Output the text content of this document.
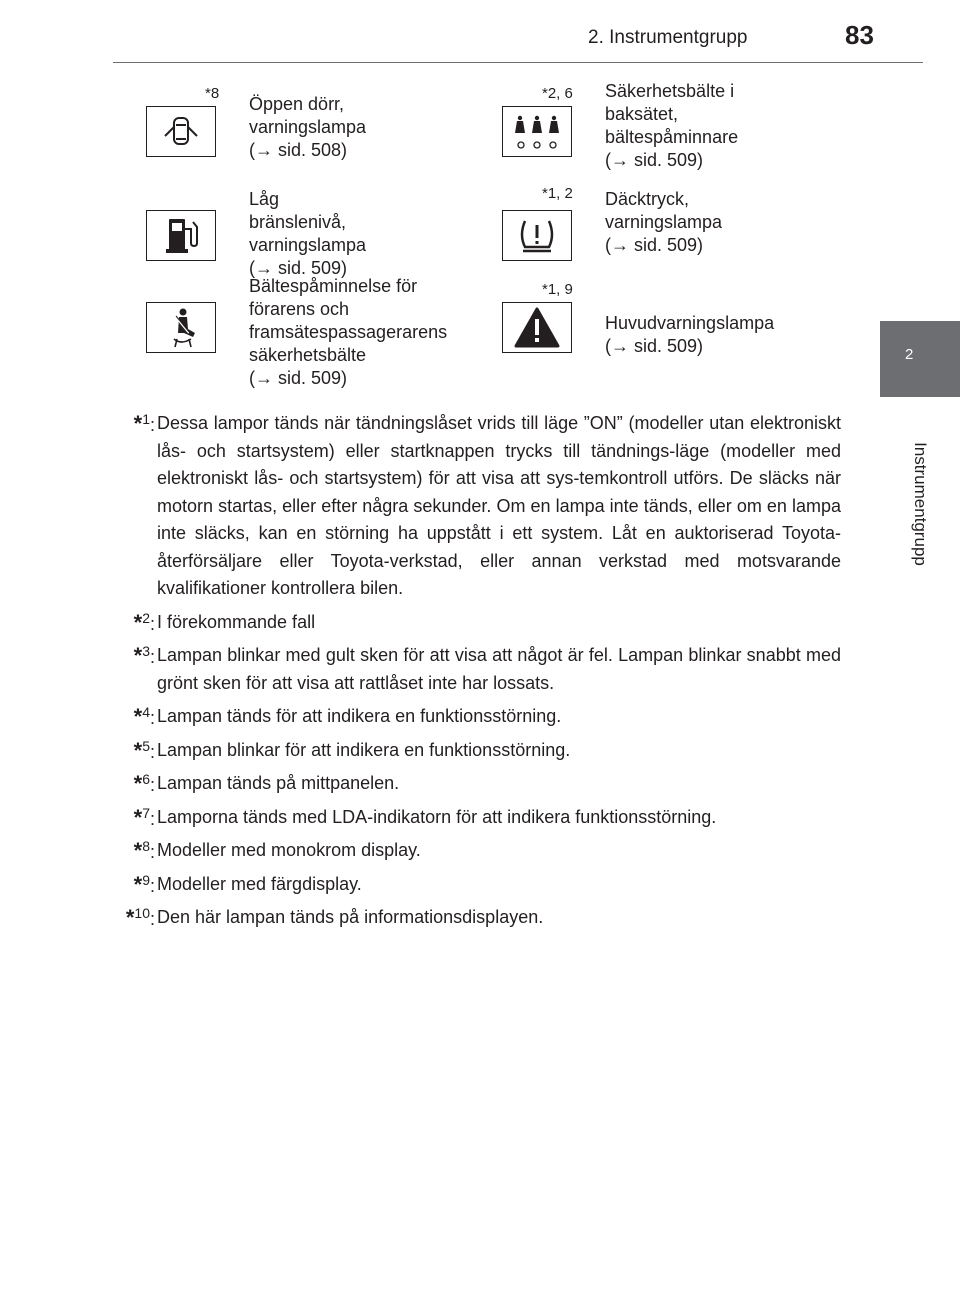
2. Instrumentgrupp	83
2
Instrumentgrupp
*8
Öppen dörr,
varningslampa
(→ sid. 508)
*2, 6 Säkerhetsbälte i
baksätet,
bältespåminnare
(→ sid. 509)
Låg bränslenivå,
varningslampa
(→ sid. 509)
*1, 2 Däcktryck,
varningslampa
(→ sid. 509)
Bältespåminnelse för
förarens och
framsätespassagerarens
säkerhetsbälte
(→ sid. 509)
*1, 9
Huvudvarningslampa
(→ sid. 509)
*$^1$: Dessa lampor tänds när tändningslåset vrids till läge ”ON” (modeller utan elektroniskt lås- och startsystem) eller startknappen trycks till tändnings-läge (modeller med elektroniskt lås- och startsystem) för att visa att sys-temkontroll utförs. De släcks när motorn startas, eller efter några sekunder. Om en lampa inte tänds, eller om en lampa inte släcks, kan en störning ha uppstått i ett system. Låt en auktoriserad Toyota-återförsäljare eller Toyota-verkstad, eller annan verkstad med motsvarande kvalifikationer kontrollera bilen.
*$^2$: I förekommande fall
*$^3$: Lampan blinkar med gult sken för att visa att något är fel. Lampan blinkar snabbt med grönt sken för att visa att rattlåset inte har lossats.
*$^4$: Lampan tänds för att indikera en funktionsstörning.
*$^5$: Lampan blinkar för att indikera en funktionsstörning.
*$^6$: Lampan tänds på mittpanelen.
*$^7$: Lamporna tänds med LDA-indikatorn för att indikera funktionsstörning.
*$^8$: Modeller med monokrom display.
*$^9$: Modeller med färgdisplay.
*$^{10}$: Den här lampan tänds på informationsdisplayen.
